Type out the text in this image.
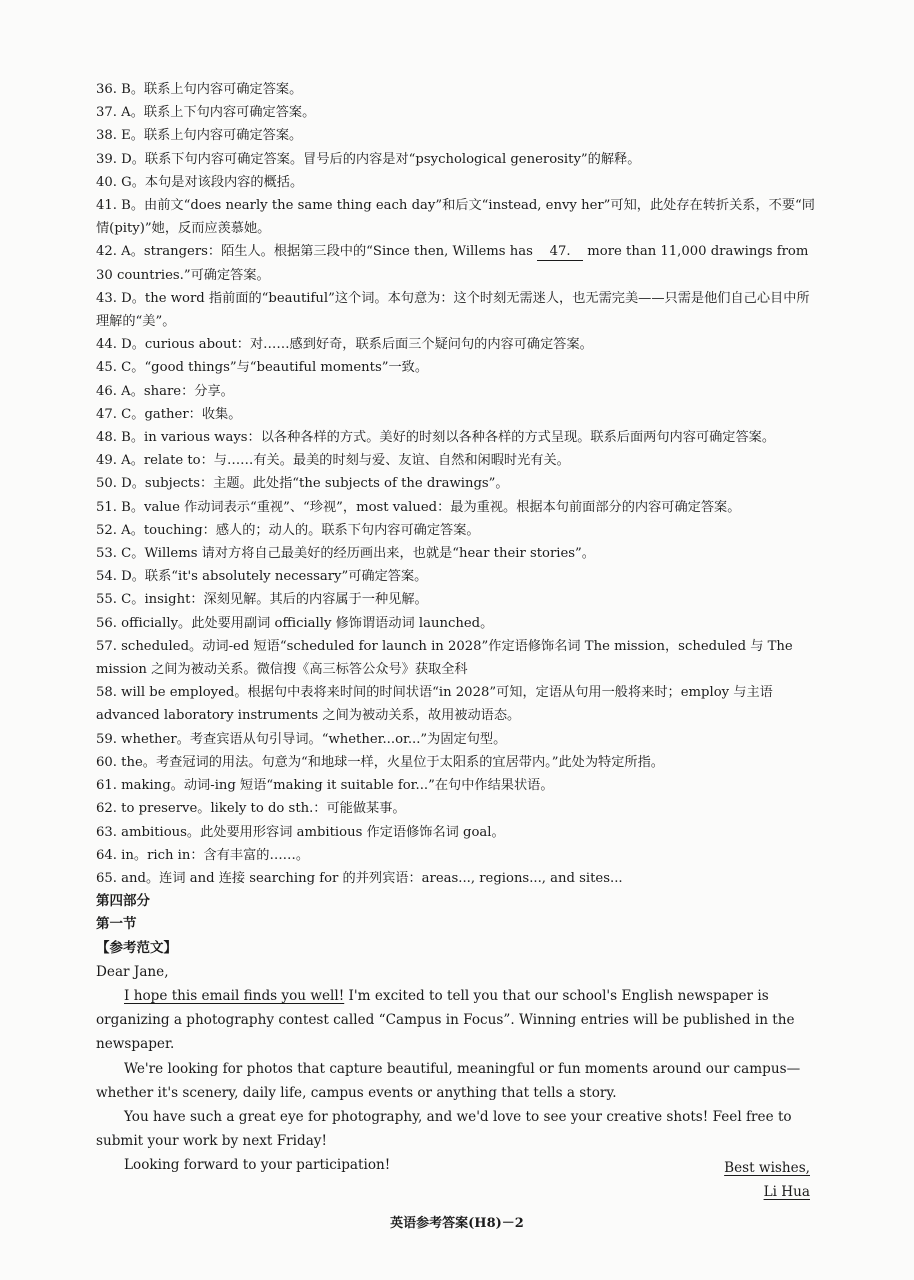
36. B。联系上句内容可确定答案。
37. A。联系上下句内容可确定答案。
38. E。联系上句内容可确定答案。
39. D。联系下句内容可确定答案。冒号后的内容是对“psychological generosity”的解释。
40. G。本句是对该段内容的概括。
41. B。由前文“does nearly the same thing each day”和后文“instead, envy her”可知，此处存在转折关系，不要“同情(pity)”她，反而应羡慕她。
42. A。strangers：陌生人。根据第三段中的“Since then, Willems has 47. more than 11,000 drawings from 30 countries.”可确定答案。
43. D。the word 指前面的“beautiful”这个词。本句意为：这个时刻无需迷人，也无需完美——只需是他们自己心目中所理解的“美”。
44. D。curious about：对……感到好奇，联系后面三个疑问句的内容可确定答案。
45. C。“good things”与“beautiful moments”一致。
46. A。share：分享。
47. C。gather：收集。
48. B。in various ways：以各种各样的方式。美好的时刻以各种各样的方式呈现。联系后面两句内容可确定答案。
49. A。relate to：与……有关。最美的时刻与爱、友谊、自然和闲暇时光有关。
50. D。subjects：主题。此处指“the subjects of the drawings”。
51. B。value 作动词表示“重视”、“珍视”，most valued：最为重视。根据本句前面部分的内容可确定答案。
52. A。touching：感人的；动人的。联系下句内容可确定答案。
53. C。Willems 请对方将自己最美好的经历画出来，也就是“hear their stories”。
54. D。联系“it's absolutely necessary”可确定答案。
55. C。insight：深刻见解。其后的内容属于一种见解。
56. officially。此处要用副词 officially 修饰谓语动词 launched。
57. scheduled。动词-ed 短语“scheduled for launch in 2028”作定语修饰名词 The mission，scheduled 与 The mission 之间为被动关系。微信搜《高三标答公众号》获取全科
58. will be employed。根据句中表将来时间的时间状语“in 2028”可知，定语从句用一般将来时；employ 与主语 advanced laboratory instruments 之间为被动关系，故用被动语态。
59. whether。考查宾语从句引导词。“whether...or...”为固定句型。
60. the。考查冠词的用法。句意为“和地球一样，火星位于太阳系的宜居带内。”此处为特定所指。
61. making。动词-ing 短语“making it suitable for...”在句中作结果状语。
62. to preserve。likely to do sth.：可能做某事。
63. ambitious。此处要用形容词 ambitious 作定语修饰名词 goal。
64. in。rich in：含有丰富的……。
65. and。连词 and 连接 searching for 的并列宾语：areas..., regions..., and sites...
第四部分
第一节
【参考范文】

Dear Jane,

I hope this email finds you well! I'm excited to tell you that our school's English newspaper is organizing a photography contest called “Campus in Focus”. Winning entries will be published in the newspaper.

We're looking for photos that capture beautiful, meaningful or fun moments around our campus—whether it's scenery, daily life, campus events or anything that tells a story.

You have such a great eye for photography, and we'd love to see your creative shots! Feel free to submit your work by next Friday!

Looking forward to your participation!	Best wishes,
Li Hua
英语参考答案(H8)－2
